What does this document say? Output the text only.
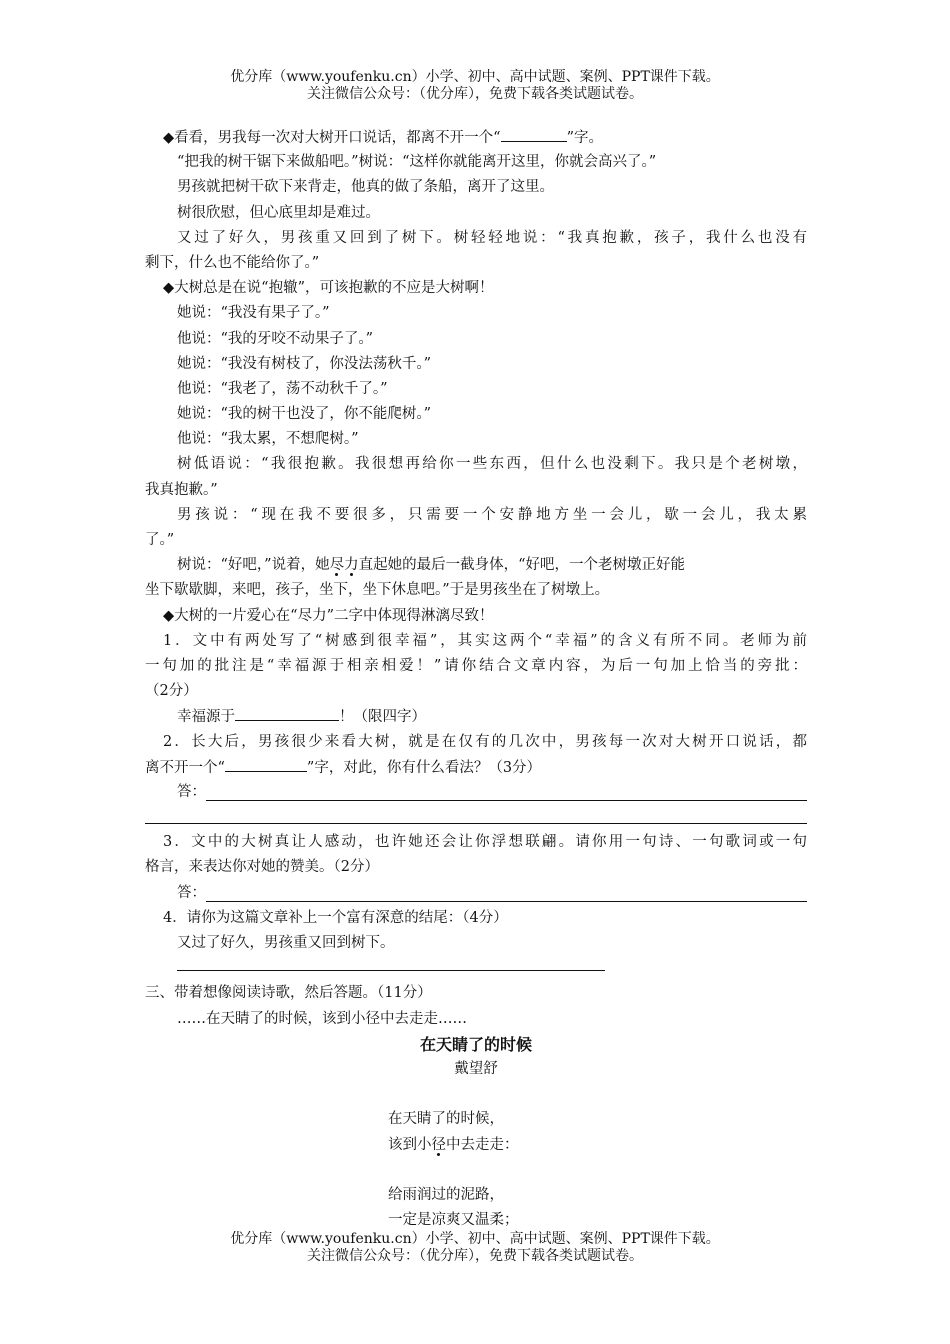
优分库（www.youfenku.cn）小学、初中、高中试题、案例、PPT课件下载。
关注微信公众号：（优分库），免费下载各类试题试卷。
◆看看，男我每一次对大树开口说话，都离不开一个“	”字。
“把我的树干锯下来做船吧。”树说：“这样你就能离开这里，你就会高兴了。”
男孩就把树干砍下来背走，他真的做了条船，离开了这里。
树很欣慰，但心底里却是难过。
又过了好久，男孩重又回到了树下。树轻轻地说：“我真抱歉，孩子，我什么也没有
剩下，什么也不能给你了。”
◆大树总是在说“抱辙”，可该抱歉的不应是大树啊！
她说：“我没有果子了。”
他说：“我的牙咬不动果子了。”
她说：“我没有树枝了，你没法荡秋千。”
他说：“我老了，荡不动秋千了。”
她说：“我的树干也没了，你不能爬树。”
他说：“我太累，不想爬树。”
树低语说：“我很抱歉。我很想再给你一些东西，但什么也没剩下。我只是个老树墩，
我真抱歉。”
男孩说：“现在我不要很多，只需要一个安静地方坐一会儿，歇一会儿，我太累
了。”
树说：“好吧，”说着，她尽力直起她的最后一截身体，“好吧，一个老树墩正好能
坐下歇歇脚，来吧，孩子，坐下，坐下休息吧。”于是男孩坐在了树墩上。
◆大树的一片爱心在“尽力”二字中体现得淋漓尽致！
1．文中有两处写了“树感到很幸福”，其实这两个“幸福”的含义有所不同。老师为前
一句加的批注是“幸福源于相亲相爱！”请你结合文章内容，为后一句加上恰当的旁批：
（2分）
幸福源于	！（限四字）
2．长大后，男孩很少来看大树，就是在仅有的几次中，男孩每一次对大树开口说话，都
离不开一个“	”字，对此，你有什么看法？（3分）
答：
3．文中的大树真让人感动，也许她还会让你浮想联翩。请你用一句诗、一句歌词或一句
格言，来表达你对她的赞美。（2分）
答：
4．请你为这篇文章补上一个富有深意的结尾：（4分）
又过了好久，男孩重又回到树下。
三、带着想像阅读诗歌，然后答题。（11分）
……在天睛了的时候，该到小径中去走走……
在天睛了的时候
戴望舒
在天睛了的时候，
该到小径中去走走：
给雨润过的泥路，
一定是凉爽又温柔；
优分库（www.youfenku.cn）小学、初中、高中试题、案例、PPT课件下载。
关注微信公众号：（优分库），免费下载各类试题试卷。
